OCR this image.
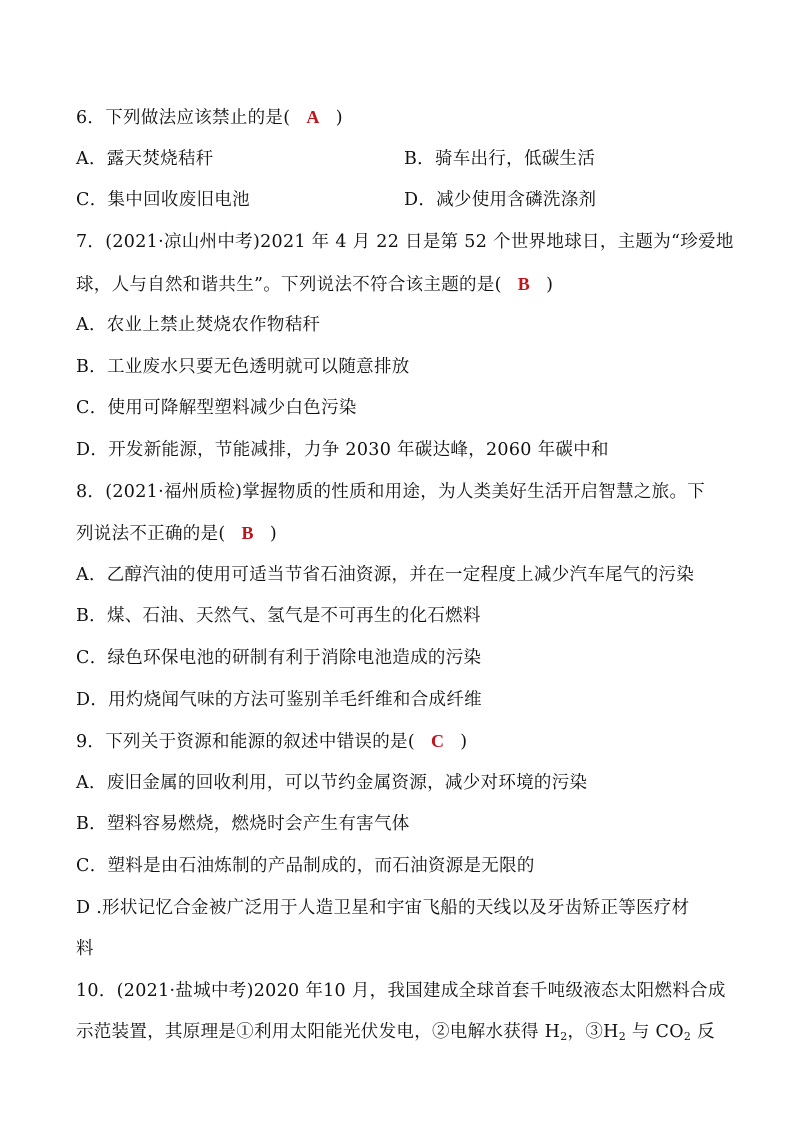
6．下列做法应该禁止的是( A )
A．露天焚烧秸秆	B．骑车出行，低碳生活
C．集中回收废旧电池	D．减少使用含磷洗涤剂
7．(2021·凉山州中考)2021 年 4 月 22 日是第 52 个世界地球日，主题为“珍爱地
球，人与自然和谐共生”。下列说法不符合该主题的是( B )
A．农业上禁止焚烧农作物秸秆
B．工业废水只要无色透明就可以随意排放
C．使用可降解型塑料减少白色污染
D．开发新能源，节能减排，力争 2030 年碳达峰，2060 年碳中和
8．(2021·福州质检)掌握物质的性质和用途，为人类美好生活开启智慧之旅。下
列说法不正确的是( B )
A．乙醇汽油的使用可适当节省石油资源，并在一定程度上减少汽车尾气的污染
B．煤、石油、天然气、氢气是不可再生的化石燃料
C．绿色环保电池的研制有利于消除电池造成的污染
D．用灼烧闻气味的方法可鉴别羊毛纤维和合成纤维
9．下列关于资源和能源的叙述中错误的是( C )
A．废旧金属的回收利用，可以节约金属资源，减少对环境的污染
B．塑料容易燃烧，燃烧时会产生有害气体
C．塑料是由石油炼制的产品制成的，而石油资源是无限的
D .形状记忆合金被广泛用于人造卫星和宇宙飞船的天线以及牙齿矫正等医疗材
料
10．(2021·盐城中考)2020 年10 月，我国建成全球首套千吨级液态太阳燃料合成
示范装置，其原理是①利用太阳能光伏发电，②电解水获得 $H_2$，$③H_2$ 与 $CO_2$ 反
